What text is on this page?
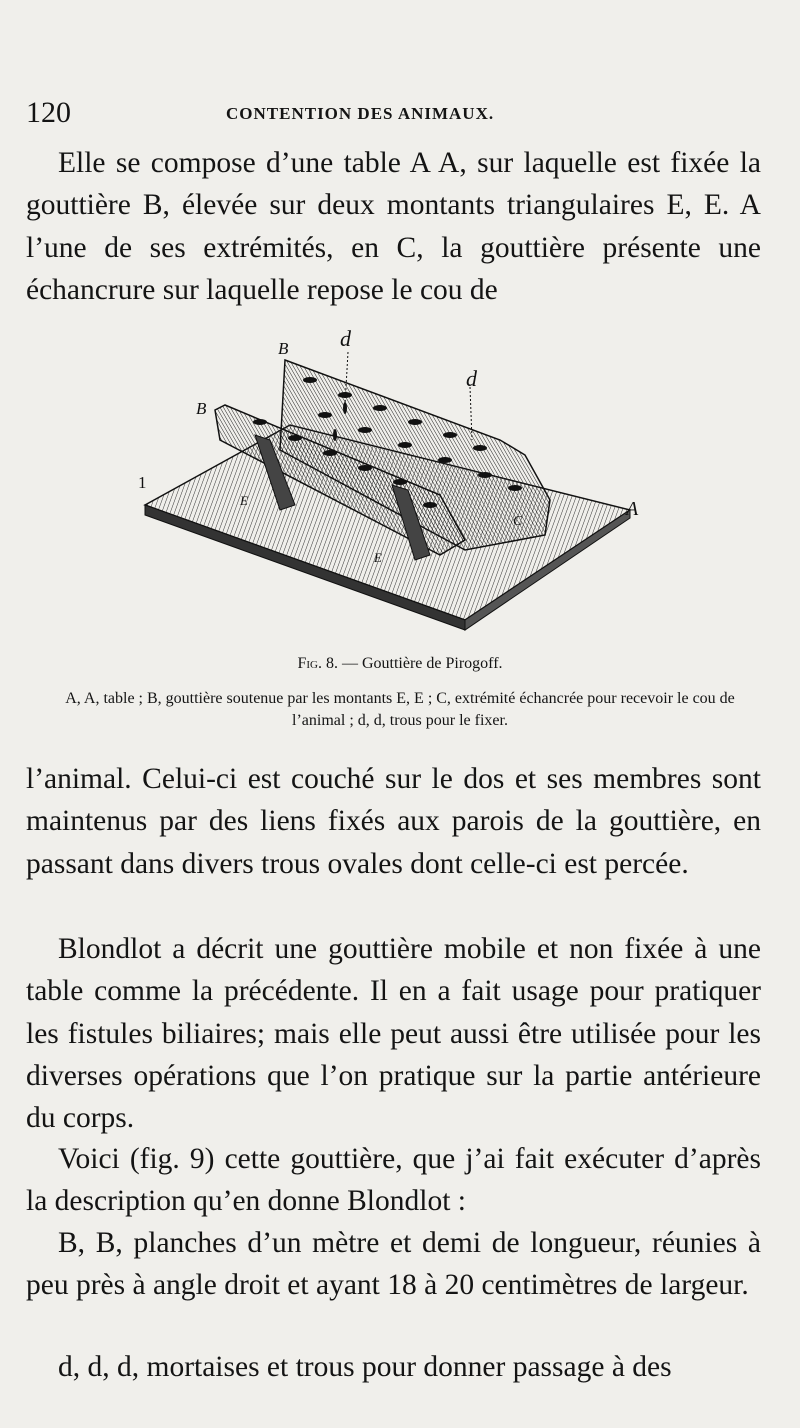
120	CONTENTION DES ANIMAUX.

Elle se compose d’une table A A, sur laquelle est fixée la gouttière B, élevée sur deux montants triangulaires E, E. A l’une de ses extrémités, en C, la gouttière présente une échancrure sur laquelle repose le cou de

B d
d
B
1
E
E
C
A
Fig. 8. — Gouttière de Pirogoff.
A, A, table ; B, gouttière soutenue par les montants E, E ; C, extrémité échancrée pour recevoir le cou de l’animal ; d, d, trous pour le fixer.

l’animal. Celui-ci est couché sur le dos et ses membres sont maintenus par des liens fixés aux parois de la gouttière, en passant dans divers trous ovales dont celle-ci est percée.

Blondlot a décrit une gouttière mobile et non fixée à une table comme la précédente. Il en a fait usage pour pratiquer les fistules biliaires; mais elle peut aussi être utilisée pour les diverses opérations que l’on pratique sur la partie antérieure du corps.

Voici (fig. 9) cette gouttière, que j’ai fait exécuter d’après la description qu’en donne Blondlot :

B, B, planches d’un mètre et demi de longueur, réunies à peu près à angle droit et ayant 18 à 20 centimètres de largeur.

d, d, d, mortaises et trous pour donner passage à des
